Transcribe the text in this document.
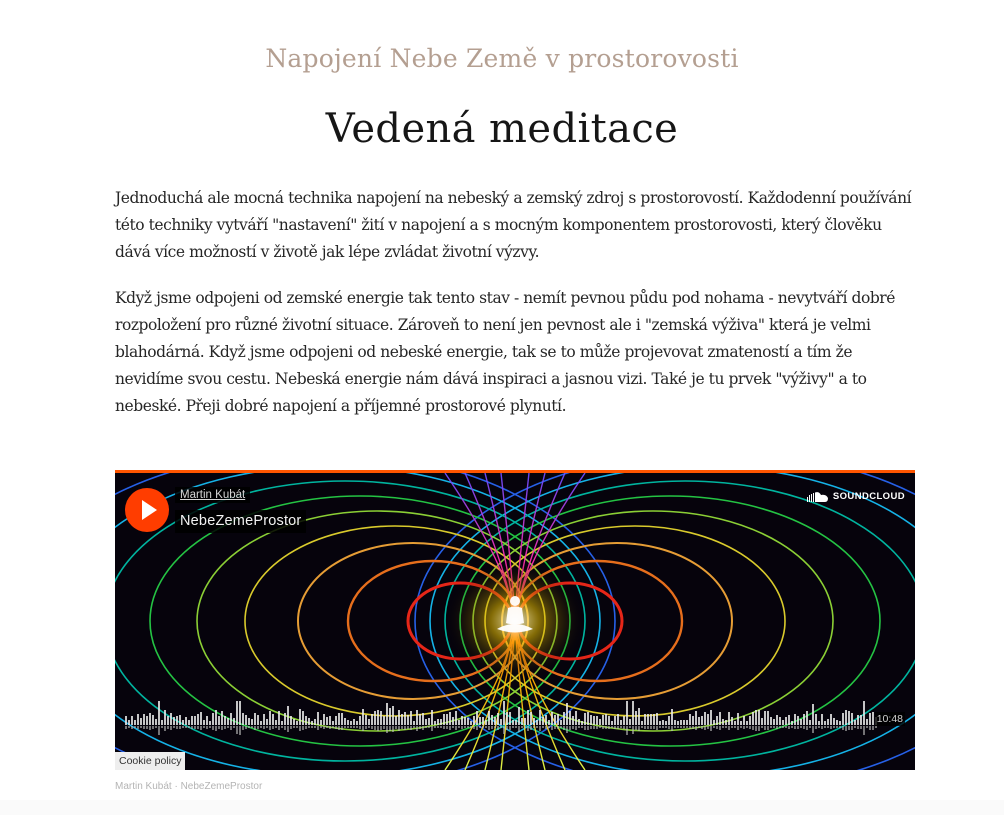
Napojení Nebe Země v prostorovosti
Vedená meditace

Jednoduchá ale mocná technika napojení na nebeský a zemský zdroj s prostorovostí. Každodenní používání této techniky vytváří "nastavení" žití v napojení a s mocným komponentem prostorovosti, který člověku dává více možností v životě jak lépe zvládat životní výzvy.

Když jsme odpojeni od zemské energie tak tento stav - nemít pevnou půdu pod nohama - nevytváří dobré rozpoložení pro různé životní situace. Zároveň to není jen pevnost ale i "zemská výživa" která je velmi blahodárná. Když jsme odpojeni od nebeské energie, tak se to může projevovat zmateností a tím že nevidíme svou cestu. Nebeská energie nám dává inspiraci a jasnou vizi. Také je tu prvek "výživy" a to nebeské. Přeji dobré napojení a příjemné prostorové plynutí.

Martin Kubát
NebeZemeProstor
SOUNDCLOUD
10:48
Cookie policy
Martin Kubát · NebeZemeProstor
